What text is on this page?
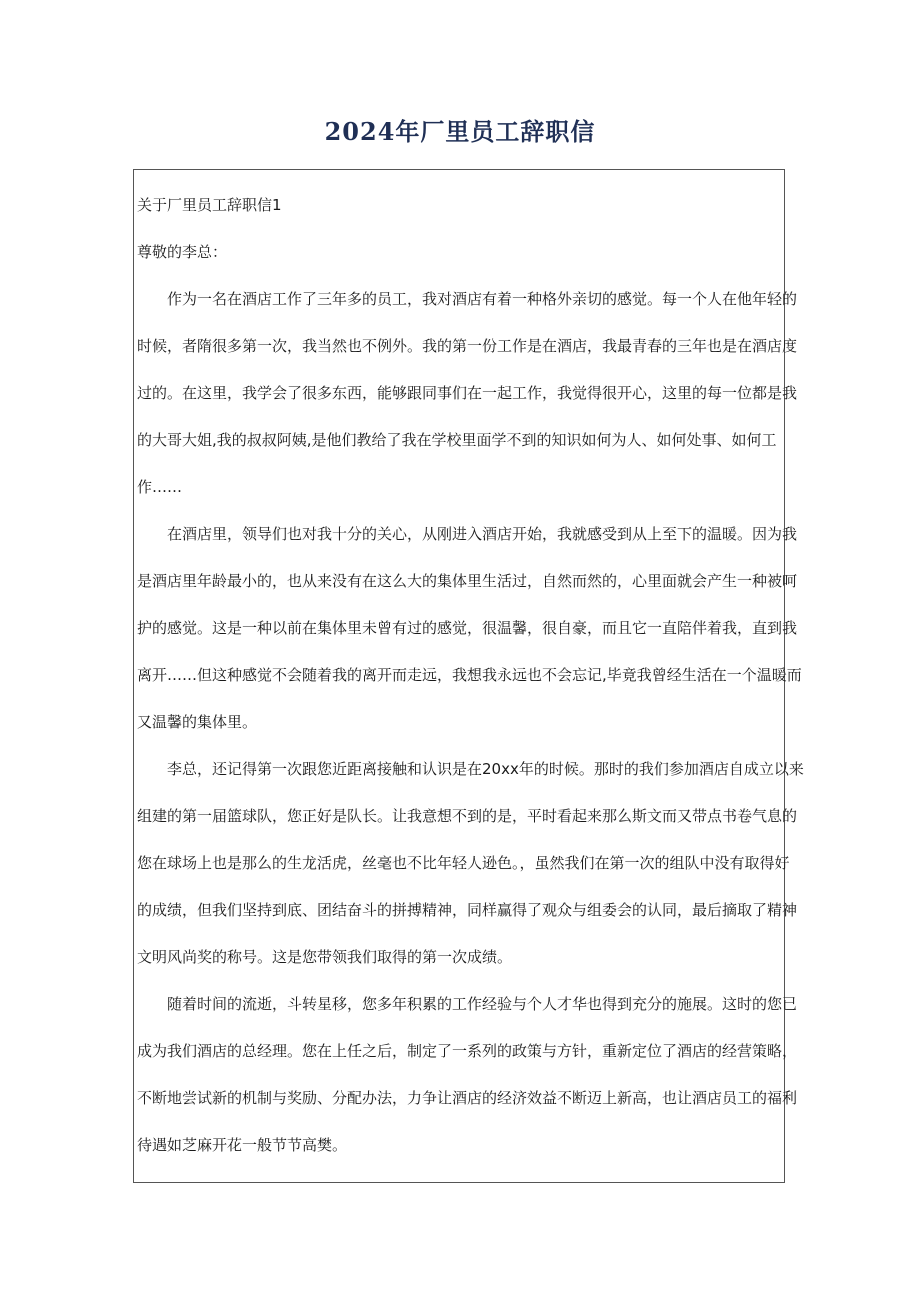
2024年厂里员工辞职信
关于厂里员工辞职信1
尊敬的李总：
作为一名在酒店工作了三年多的员工，我对酒店有着一种格外亲切的感觉。每一个人在他年轻的
时候，者隋很多第一次，我当然也不例外。我的第一份工作是在酒店，我最青春的三年也是在酒店度
过的。在这里，我学会了很多东西，能够跟同事们在一起工作，我觉得很开心，这里的每一位都是我
的大哥大姐,我的叔叔阿姨,是他们教给了我在学校里面学不到的知识如何为人、如何处事、如何工
作……
在酒店里，领导们也对我十分的关心，从刚进入酒店开始，我就感受到从上至下的温暖。因为我
是酒店里年龄最小的，也从来没有在这么大的集体里生活过，自然而然的，心里面就会产生一种被呵
护的感觉。这是一种以前在集体里未曾有过的感觉，很温馨，很自豪，而且它一直陪伴着我，直到我
离开……但这种感觉不会随着我的离开而走远，我想我永远也不会忘记,毕竟我曾经生活在一个温暖而
又温馨的集体里。
李总，还记得第一次跟您近距离接触和认识是在20xx年的时候。那时的我们参加酒店自成立以来
组建的第一届篮球队，您正好是队长。让我意想不到的是，平时看起来那么斯文而又带点书卷气息的
您在球场上也是那么的生龙活虎，丝毫也不比年轻人逊色。，虽然我们在第一次的组队中没有取得好
的成绩，但我们坚持到底、团结奋斗的拼搏精神，同样赢得了观众与组委会的认同，最后摘取了精神
文明风尚奖的称号。这是您带领我们取得的第一次成绩。
随着时间的流逝，斗转星移，您多年积累的工作经验与个人才华也得到充分的施展。这时的您已
成为我们酒店的总经理。您在上任之后，制定了一系列的政策与方针，重新定位了酒店的经营策略，
不断地尝试新的机制与奖励、分配办法，力争让酒店的经济效益不断迈上新高，也让酒店员工的福利
待遇如芝麻开花一般节节高樊。
